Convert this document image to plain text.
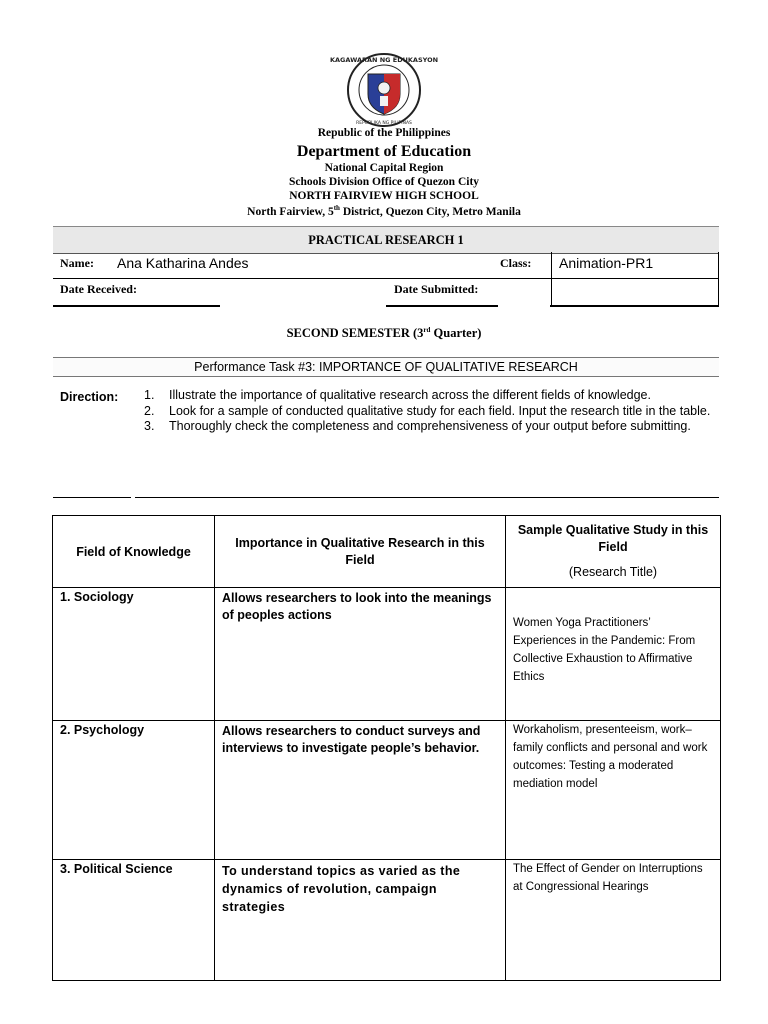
KAGAWARAN NG EDUKASYON
REPUBLIKA NG PILIPINAS
Republic of the Philippines
Department of Education
National Capital Region
Schools Division Office of Quezon City
NORTH FAIRVIEW HIGH SCHOOL
North Fairview, 5th District, Quezon City, Metro Manila
PRACTICAL RESEARCH 1
Name: Ana Katharina Andes	Class: Animation-PR1
Date Received:	Date Submitted:
SECOND SEMESTER (3rd Quarter)
Performance Task #3: IMPORTANCE OF QUALITATIVE RESEARCH
Direction: 1. Illustrate the importance of qualitative research across the different fields of knowledge.
2. Look for a sample of conducted qualitative study for each field. Input the research title in the table.
3. Thoroughly check the completeness and comprehensiveness of your output before submitting.
Field of Knowledge	Importance in Qualitative Research in this Field	Sample Qualitative Study in this Field
(Research Title)

1. Sociology	Allows researchers to look into the meanings of peoples actions	Women Yoga Practitioners’ Experiences in the Pandemic: From Collective Exhaustion to Affirmative Ethics

2. Psychology	Allows researchers to conduct surveys and interviews to investigate people’s behavior.	Workaholism, presenteeism, work–family conflicts and personal and work outcomes: Testing a moderated mediation model

3. Political Science	To understand topics as varied as the dynamics of revolution, campaign strategies	The Effect of Gender on Interruptions at Congressional Hearings
